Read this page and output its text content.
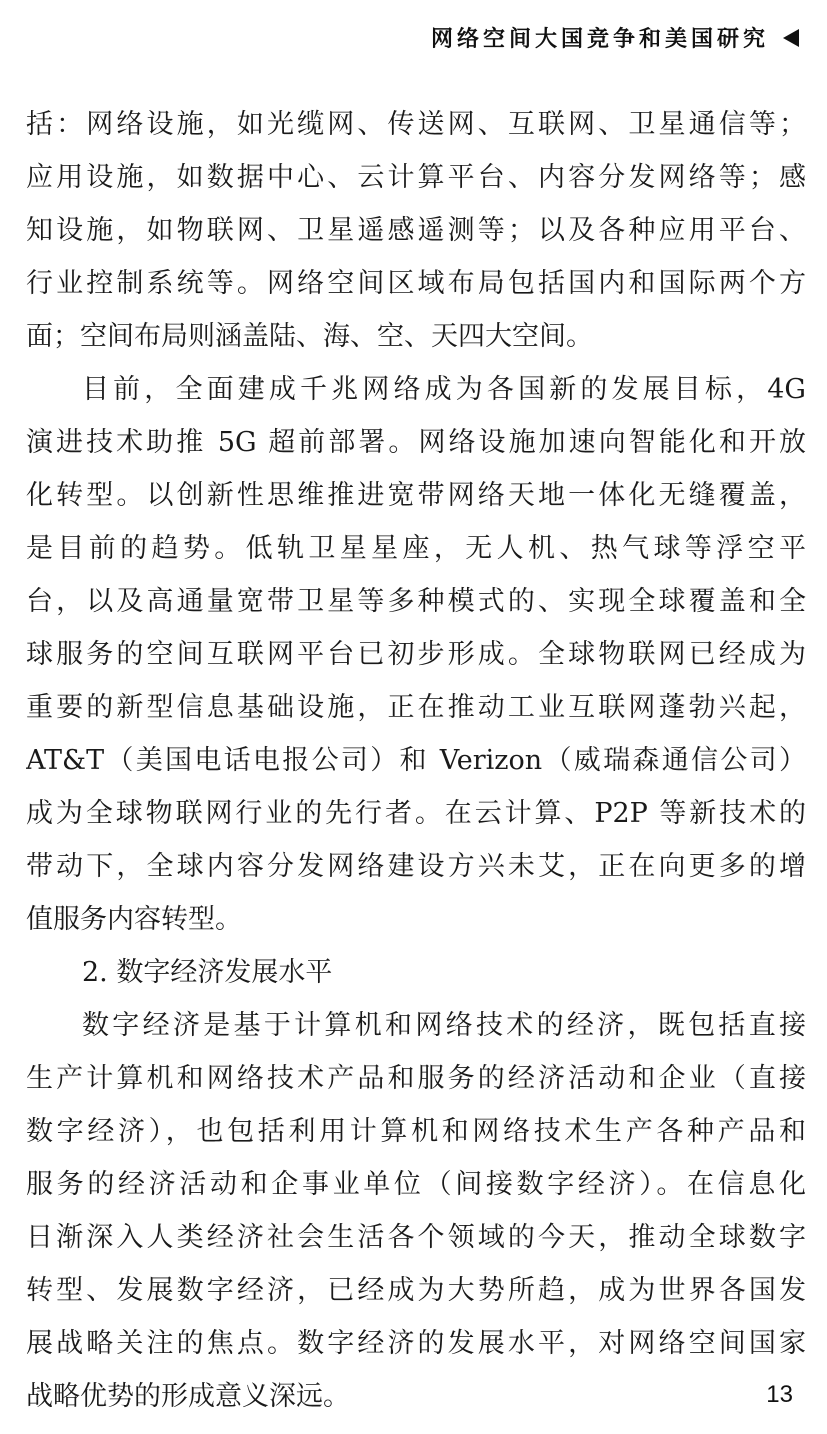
网络空间大国竞争和美国研究
括：网络设施，如光缆网、传送网、互联网、卫星通信等；
应用设施，如数据中心、云计算平台、内容分发网络等；感
知设施，如物联网、卫星遥感遥测等；以及各种应用平台、
行业控制系统等。网络空间区域布局包括国内和国际两个方
面；空间布局则涵盖陆、海、空、天四大空间。
目前，全面建成千兆网络成为各国新的发展目标，4G
演进技术助推 5G 超前部署。网络设施加速向智能化和开放
化转型。以创新性思维推进宽带网络天地一体化无缝覆盖，
是目前的趋势。低轨卫星星座，无人机、热气球等浮空平
台，以及高通量宽带卫星等多种模式的、实现全球覆盖和全
球服务的空间互联网平台已初步形成。全球物联网已经成为
重要的新型信息基础设施，正在推动工业互联网蓬勃兴起，
AT&T（美国电话电报公司）和 Verizon（威瑞森通信公司）
成为全球物联网行业的先行者。在云计算、P2P 等新技术的
带动下，全球内容分发网络建设方兴未艾，正在向更多的增
值服务内容转型。
2. 数字经济发展水平
数字经济是基于计算机和网络技术的经济，既包括直接
生产计算机和网络技术产品和服务的经济活动和企业（直接
数字经济），也包括利用计算机和网络技术生产各种产品和
服务的经济活动和企事业单位（间接数字经济）。在信息化
日渐深入人类经济社会生活各个领域的今天，推动全球数字
转型、发展数字经济，已经成为大势所趋，成为世界各国发
展战略关注的焦点。数字经济的发展水平，对网络空间国家
战略优势的形成意义深远。	13
